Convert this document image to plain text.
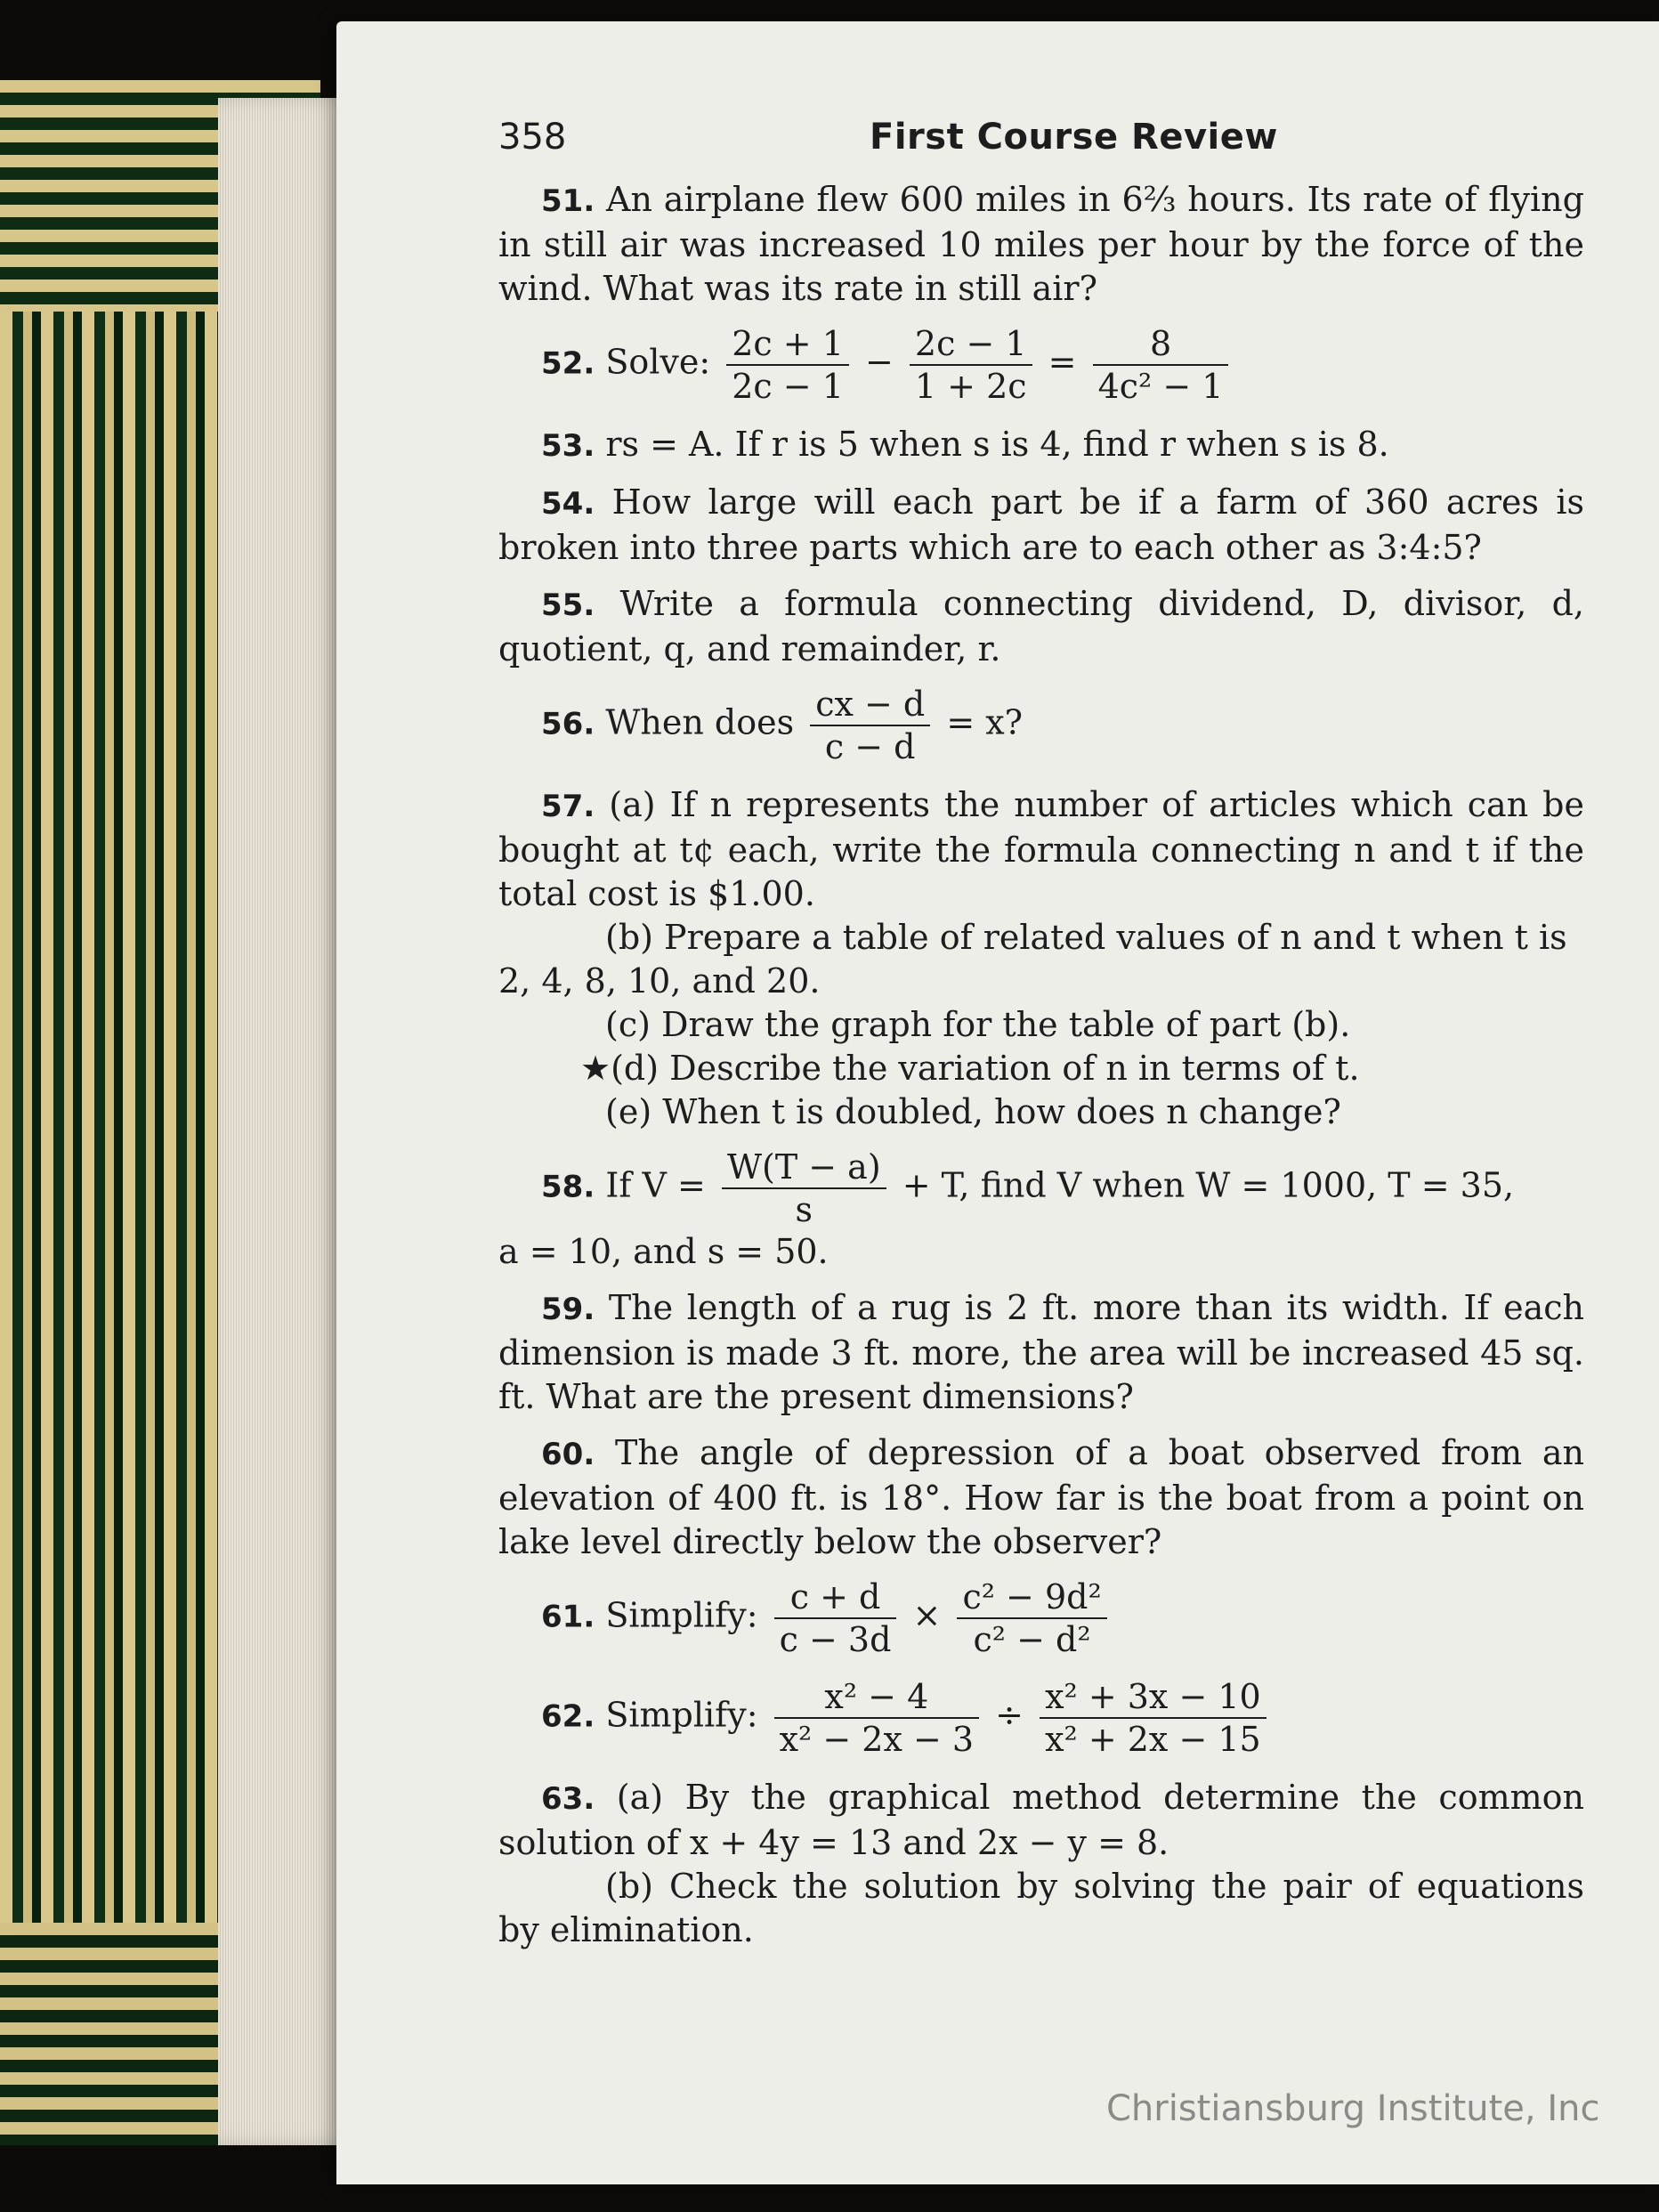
358	First Course Review

51. An airplane flew 600 miles in 6⅔ hours. Its rate of flying in still air was increased 10 miles per hour by the force of the wind. What was its rate in still air?

52. Solve: $\frac{2c + 1}{2c - 1} - \frac{2c - 1}{1 + 2c} = \frac{8}{\text{4c² − 1}}$

53. rs = A. If r is 5 when s is 4, find r when s is 8.

54. How large will each part be if a farm of 360 acres is broken into three parts which are to each other as 3:4:5?

55. Write a formula connecting dividend, D, divisor, d, quotient, q, and remainder, r.

56. When does $\frac{cx - d}{c - d} = x$?

57. (a) If n represents the number of articles which can be bought at t¢ each, write the formula connecting n and t if the total cost is $1.00.

(b) Prepare a table of related values of n and t when t is

2, 4, 8, 10, and 20.

(c) Draw the graph for the table of part (b).

★(d) Describe the variation of n in terms of t.

(e) When t is doubled, how does n change?

58. If $V = \frac{W(T - a)}{s} + T$, find V when W = 1000, T = 35,

a = 10, and s = 50.

59. The length of a rug is 2 ft. more than its width. If each dimension is made 3 ft. more, the area will be increased 45 sq. ft. What are the present dimensions?

60. The angle of depression of a boat observed from an elevation of 400 ft. is 18°. How far is the boat from a point on lake level directly below the observer?

61. Simplify: $\frac{c + d}{c - 3d} \times \frac{\text{c² − 9d²}}{\text{c² − d²}}$

62. Simplify: $\frac{\text{x² − 4}}{\text{x² − 2x − 3}} \div \frac{\text{x² + 3x − 10}}{\text{x² + 2x − 15}}$

63. (a) By the graphical method determine the common solution of x + 4y = 13 and 2x − y = 8.

(b) Check the solution by solving the pair of equations by elimination.

Christiansburg Institute, Inc
